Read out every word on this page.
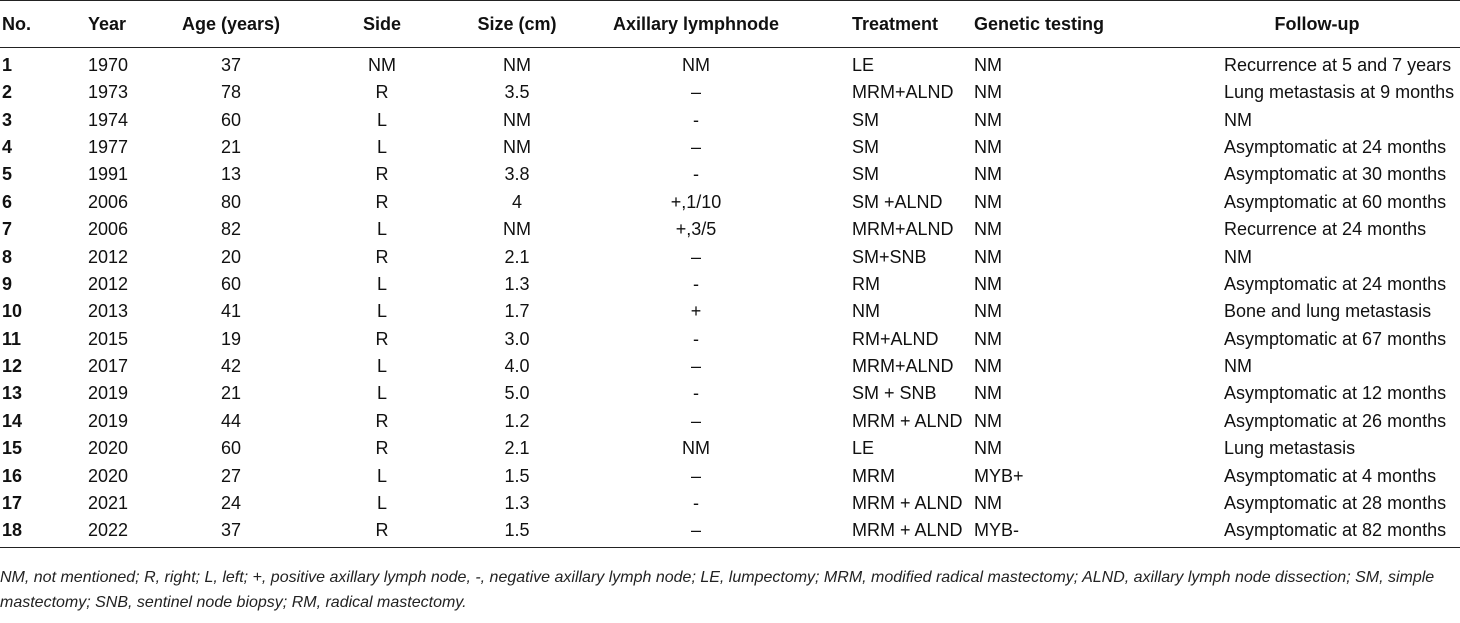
No.	Year	Age (years)	Side	Size (cm)	Axillary lymphnode	Treatment	Genetic testing	Follow-up
1	1970	37	NM	NM	NM	LE	NM	Recurrence at 5 and 7 years
2	1973	78	R	3.5	–	MRM+ALND	NM	Lung metastasis at 9 months
3	1974	60	L	NM	-	SM	NM	NM
4	1977	21	L	NM	–	SM	NM	Asymptomatic at 24 months
5	1991	13	R	3.8	-	SM	NM	Asymptomatic at 30 months
6	2006	80	R	4	+,1/10	SM +ALND	NM	Asymptomatic at 60 months
7	2006	82	L	NM	+,3/5	MRM+ALND	NM	Recurrence at 24 months
8	2012	20	R	2.1	–	SM+SNB	NM	NM
9	2012	60	L	1.3	-	RM	NM	Asymptomatic at 24 months
10	2013	41	L	1.7	+	NM	NM	Bone and lung metastasis
11	2015	19	R	3.0	-	RM+ALND	NM	Asymptomatic at 67 months
12	2017	42	L	4.0	–	MRM+ALND	NM	NM
13	2019	21	L	5.0	-	SM + SNB	NM	Asymptomatic at 12 months
14	2019	44	R	1.2	–	MRM + ALND	NM	Asymptomatic at 26 months
15	2020	60	R	2.1	NM	LE	NM	Lung metastasis
16	2020	27	L	1.5	–	MRM	MYB+	Asymptomatic at 4 months
17	2021	24	L	1.3	-	MRM + ALND	NM	Asymptomatic at 28 months
18	2022	37	R	1.5	–	MRM + ALND	MYB-	Asymptomatic at 82 months
NM, not mentioned; R, right; L, left; +, positive axillary lymph node, -, negative axillary lymph node; LE, lumpectomy; MRM, modified radical mastectomy; ALND, axillary lymph node dissection; SM, simple mastectomy; SNB, sentinel node biopsy; RM, radical mastectomy.
